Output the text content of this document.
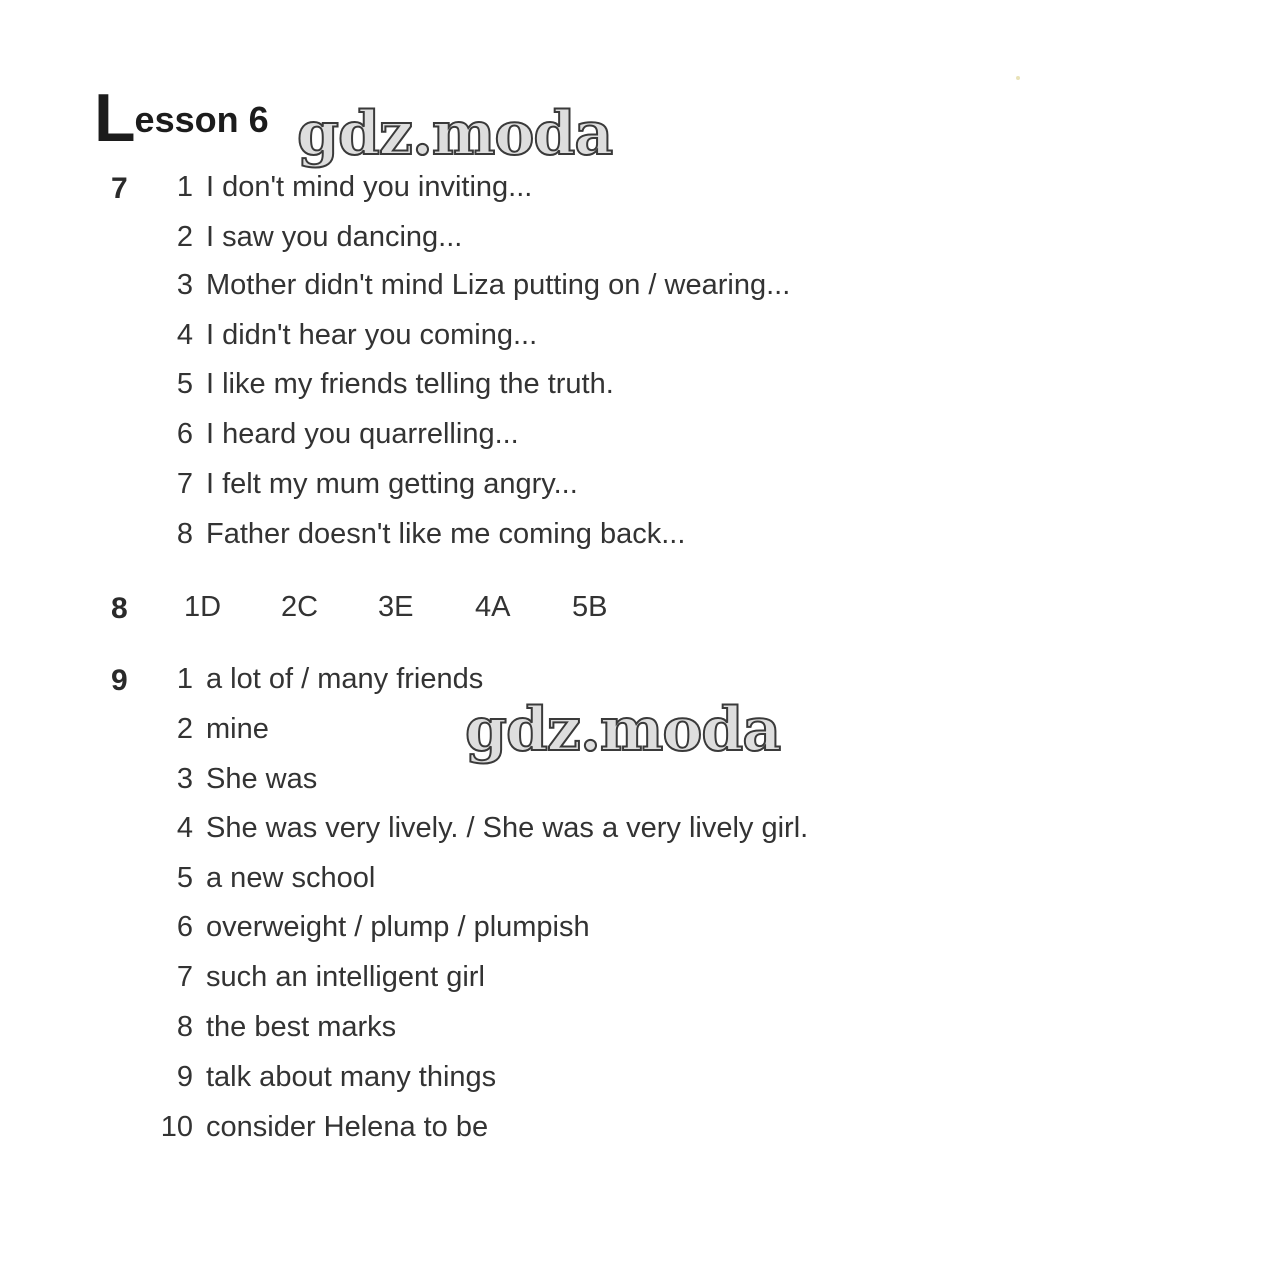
L esson 6 gdz.moda
7	1 I don't mind you inviting...
2 I saw you dancing...
3 Mother didn't mind Liza putting on / wearing...
4 I didn't hear you coming...
5 I like my friends telling the truth.
6 I heard you quarrelling...
7 I felt my mum getting angry...
8 Father doesn't like me coming back...
8 1D	2C	3E	4A	5B
9	1 a lot of / many friends
2 mine
3 She was
4 She was very lively. / She was a very lively girl.
5 a new school
6 overweight / plump / plumpish
7 such an intelligent girl
8 the best marks
9 talk about many things
10 consider Helena to be
gdz.moda
